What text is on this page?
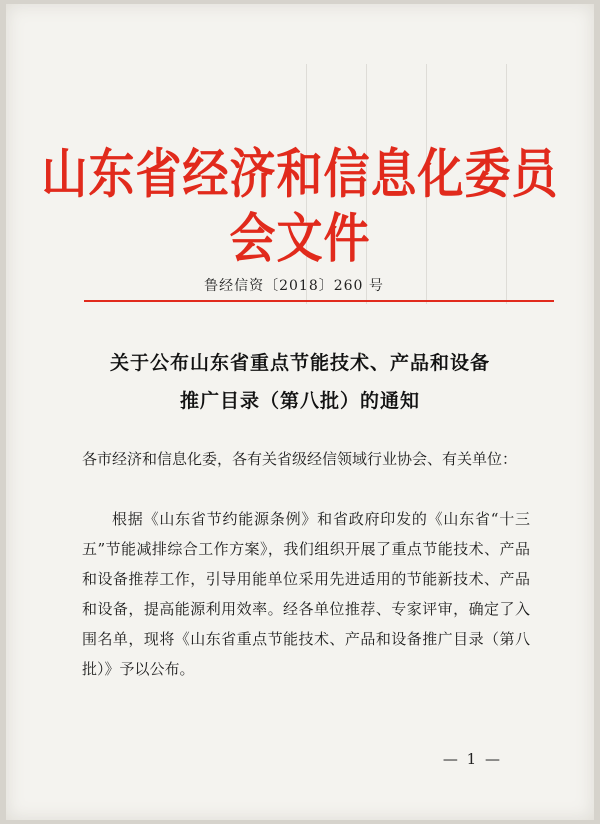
山东省经济和信息化委员会文件
鲁经信资〔2018〕260 号
关于公布山东省重点节能技术、产品和设备
推广目录（第八批）的通知
各市经济和信息化委，各有关省级经信领域行业协会、有关单位：
根据《山东省节约能源条例》和省政府印发的《山东省“十三五”节能减排综合工作方案》，我们组织开展了重点节能技术、产品和设备推荐工作，引导用能单位采用先进适用的节能新技术、产品和设备，提高能源利用效率。经各单位推荐、专家评审，确定了入围名单，现将《山东省重点节能技术、产品和设备推广目录（第八批）》予以公布。
— 1 —
